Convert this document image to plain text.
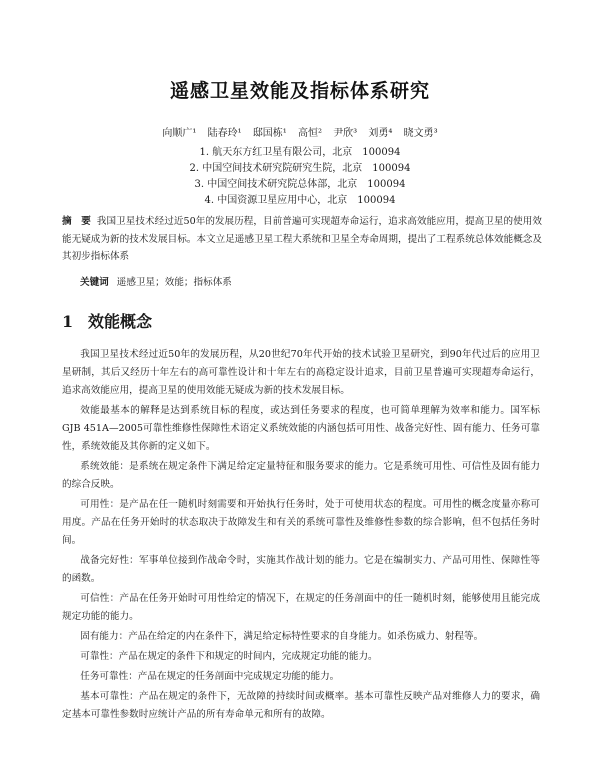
遥感卫星效能及指标体系研究
向顺广¹ 陆春玲¹ 邸国栋¹ 高恒² 尹欣³ 刘勇⁴ 晓文勇³
1. 航天东方红卫星有限公司，北京　100094
2. 中国空间技术研究院研究生院，北京　100094
3. 中国空间技术研究院总体部，北京　100094
4. 中国资源卫星应用中心，北京　100094
摘　要 我国卫星技术经过近50年的发展历程，目前普遍可实现超寿命运行，追求高效能应用，提高卫星的使用效能无疑成为新的技术发展目标。本文立足遥感卫星工程大系统和卫星全寿命周期，提出了工程系统总体效能概念及其初步指标体系
关键词 遥感卫星；效能；指标体系
1 效能概念

我国卫星技术经过近50年的发展历程，从20世纪70年代开始的技术试验卫星研究，到90年代过后的应用卫星研制，其后又经历十年左右的高可靠性设计和十年左右的高稳定设计追求，目前卫星普遍可实现超寿命运行，追求高效能应用，提高卫星的使用效能无疑成为新的技术发展目标。

效能最基本的解释是达到系统目标的程度，或达到任务要求的程度，也可简单理解为效率和能力。国军标GJB 451A—2005可靠性维修性保障性术语定义系统效能的内涵包括可用性、战备完好性、固有能力、任务可靠性，系统效能及其你新的定义如下。

系统效能：是系统在规定条件下满足给定定量特征和服务要求的能力。它是系统可用性、可信性及固有能力的综合反映。

可用性：是产品在任一随机时刻需要和开始执行任务时，处于可使用状态的程度。可用性的概念度量亦称可用度。产品在任务开始时的状态取决于故障发生和有关的系统可靠性及维修性参数的综合影响，但不包括任务时间。

战备完好性：军事单位接到作战命令时，实施其作战计划的能力。它是在编制实力、产品可用性、保障性等的函数。

可信性：产品在任务开始时可用性给定的情况下，在规定的任务剖面中的任一随机时刻，能够使用且能完成规定功能的能力。

固有能力：产品在给定的内在条件下，满足给定标特性要求的自身能力。如杀伤威力、射程等。

可靠性：产品在规定的条件下和规定的时间内，完成规定功能的能力。

任务可靠性：产品在规定的任务剖面中完成规定功能的能力。

基本可靠性：产品在规定的条件下，无故障的持续时间或概率。基本可靠性反映产品对维修人力的要求，确定基本可靠性参数时应统计产品的所有寿命单元和所有的故障。
